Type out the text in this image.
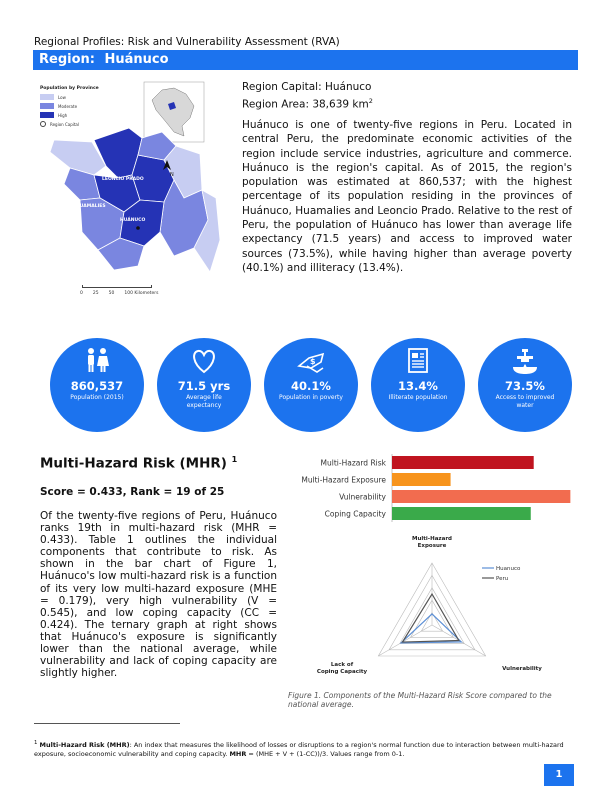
Regional Profiles: Risk and Vulnerability Assessment (RVA)
Region: Huánuco
Population by Province
Low
Moderate
High
Region Capital
N
LEONCIO PRADO
HUAMALIES
HUÁNUCO
0 25 50 100 Kilometers
Region Capital: Huánuco
Region Area: 38,639 $km^2$
Huánuco is one of twenty-five regions in Peru. Located in central Peru, the predominate economic activities of the region include service industries, agriculture and commerce. Huánuco is the region's capital. As of 2015, the region's population was estimated at 860,537; with the highest percentage of its population residing in the provinces of Huánuco, Huamalies and Leoncio Prado. Relative to the rest of Peru, the population of Huánuco has lower than average life expectancy (71.5 years) and access to improved water sources (73.5%), while having higher than average poverty (40.1%) and illiteracy (13.4%).
860,537
Population (2015)
71.5 yrs
Average life expectancy
$
40.1%
Population in poverty
13.4%
Illiterate population
73.5%
Access to improved water
Multi-Hazard Risk (MHR) $^1$
Score = 0.433, Rank = 19 of 25
Of the twenty-five regions of Peru, Huánuco ranks 19th in multi-hazard risk (MHR = 0.433). Table 1 outlines the individual components that contribute to risk. As shown in the bar chart of Figure 1, Huánuco's low multi-hazard risk is a function of its very low multi-hazard exposure (MHE = 0.179), very high vulnerability (V = 0.545), and low coping capacity (CC = 0.424). The ternary graph at right shows that Huánuco's exposure is significantly lower than the national average, while vulnerability and lack of coping capacity are slightly higher.
Multi-Hazard Risk
Multi-Hazard Exposure
Vulnerability
Coping Capacity
Multi-Hazard Exposure
Vulnerability
Lack of Coping Capacity
Huanuco
Peru
Figure 1. Components of the Multi-Hazard Risk Score compared to the national average.
$^1$ Multi-Hazard Risk (MHR): An index that measures the likelihood of losses or disruptions to a region's normal function due to interaction between multi-hazard exposure, socioeconomic vulnerability and coping capacity. MHR = (MHE + V + (1-CC))/3. Values range from 0-1.
1
